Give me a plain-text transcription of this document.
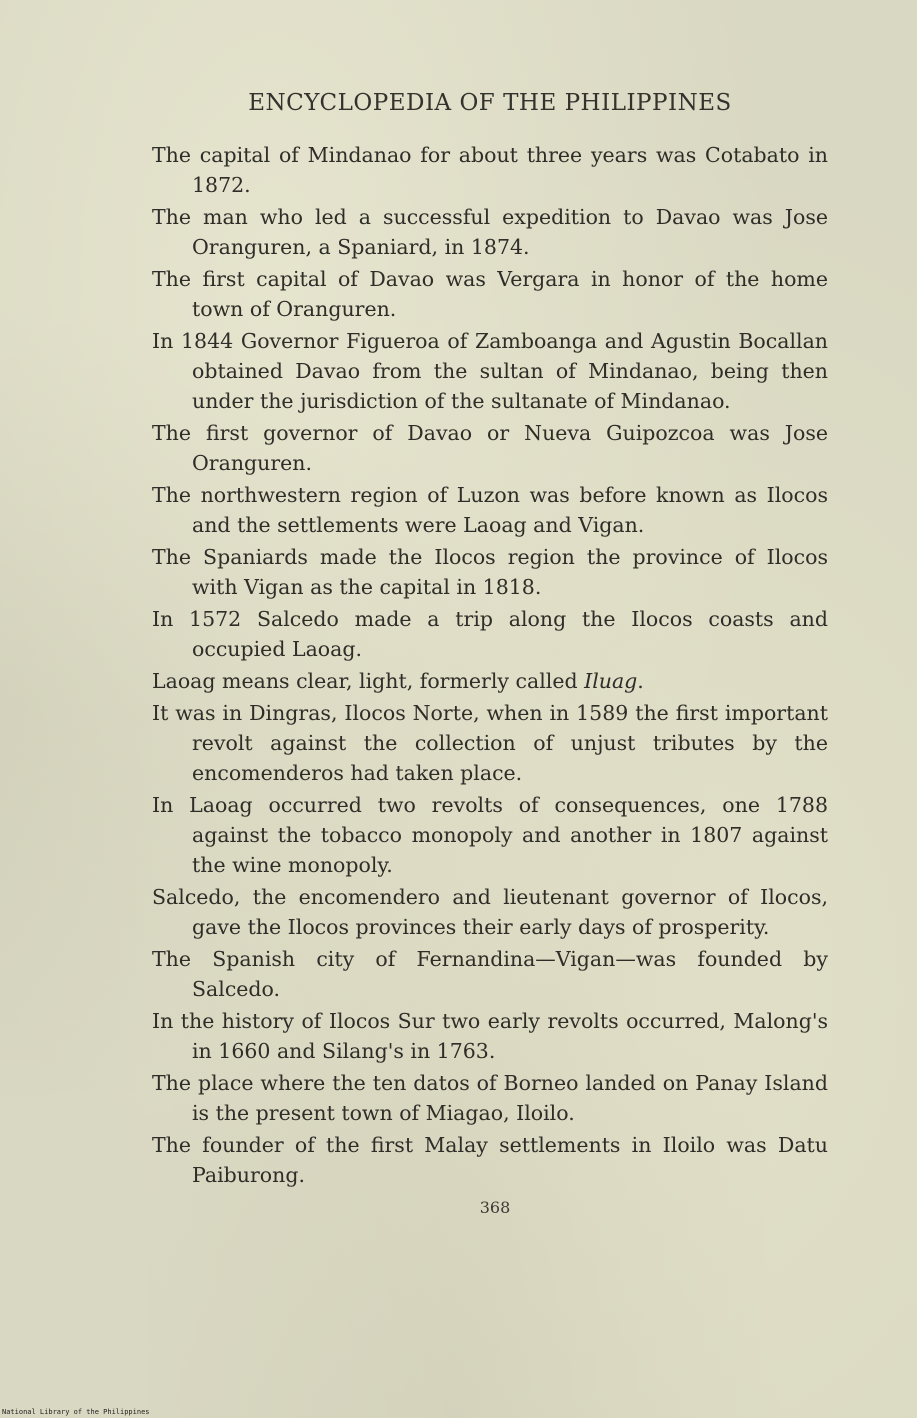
ENCYCLOPEDIA OF THE PHILIPPINES
The capital of Mindanao for about three years was Cotabato in 1872.
The man who led a successful expedition to Davao was Jose Oranguren, a Spaniard, in 1874.
The first capital of Davao was Vergara in honor of the home town of Oranguren.
In 1844 Governor Figueroa of Zamboanga and Agustin Bocallan obtained Davao from the sultan of Mindanao, being then under the jurisdiction of the sultanate of Mindanao.
The first governor of Davao or Nueva Guipozcoa was Jose Oranguren.
The northwestern region of Luzon was before known as Ilocos and the settlements were Laoag and Vigan.
The Spaniards made the Ilocos region the province of Ilocos with Vigan as the capital in 1818.
In 1572 Salcedo made a trip along the Ilocos coasts and occupied Laoag.
Laoag means clear, light, formerly called Iluag.
It was in Dingras, Ilocos Norte, when in 1589 the first important revolt against the collection of unjust tributes by the encomenderos had taken place.
In Laoag occurred two revolts of consequences, one 1788 against the tobacco monopoly and another in 1807 against the wine monopoly.
Salcedo, the encomendero and lieutenant governor of Ilocos, gave the Ilocos provinces their early days of prosperity.
The Spanish city of Fernandina—Vigan—was founded by Salcedo.
In the history of Ilocos Sur two early revolts occurred, Malong's in 1660 and Silang's in 1763.
The place where the ten datos of Borneo landed on Panay Island is the present town of Miagao, Iloilo.
The founder of the first Malay settlements in Iloilo was Datu Paiburong.
368
National Library of the Philippines
